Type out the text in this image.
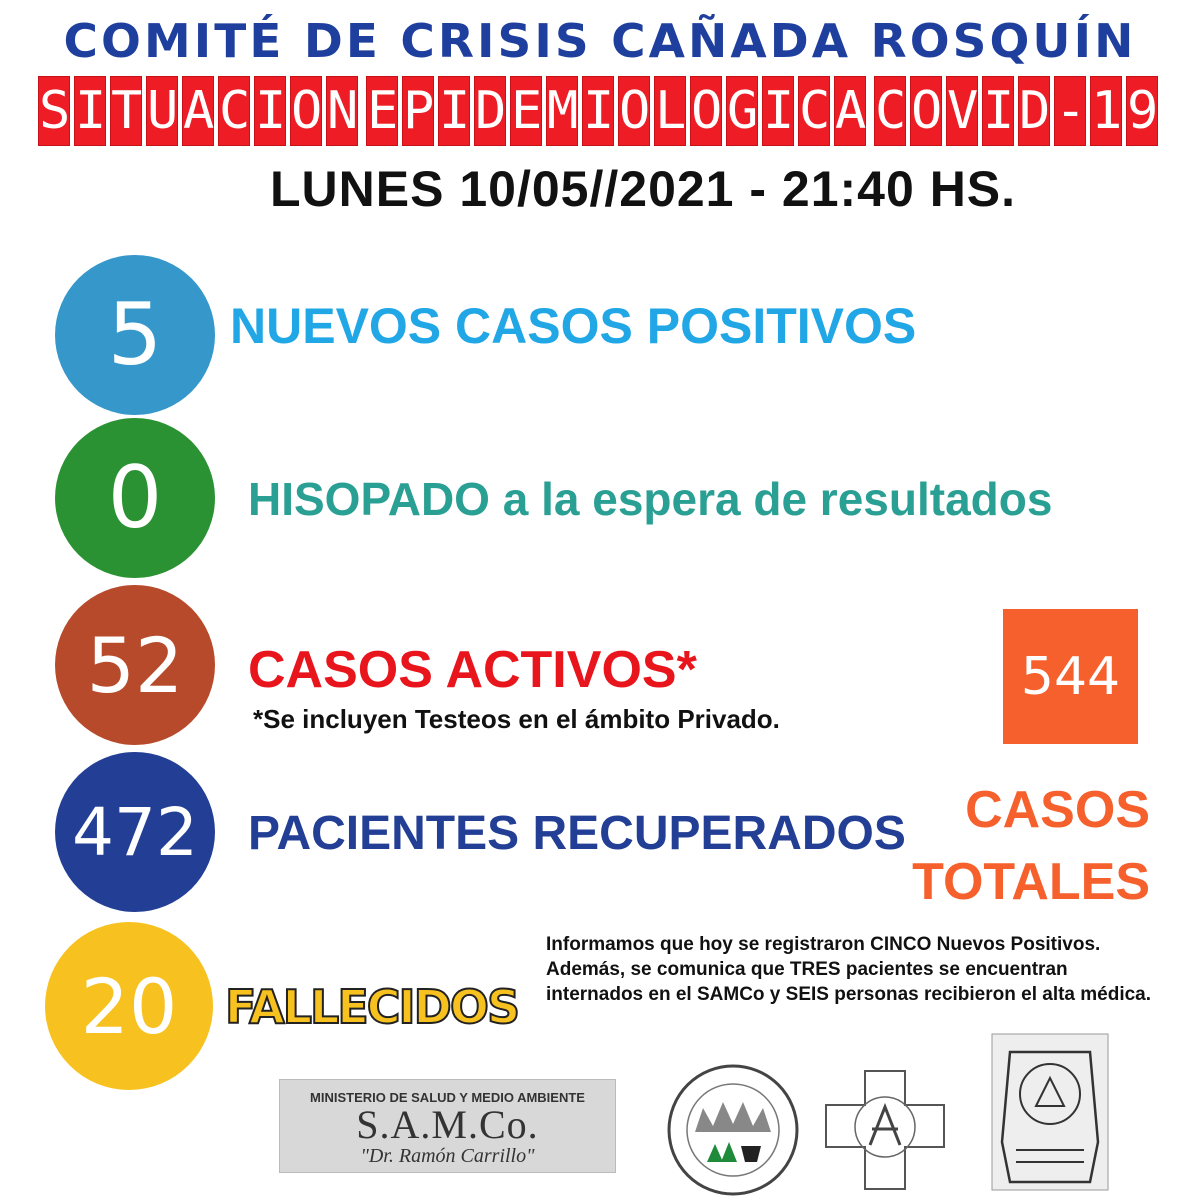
COMITÉ DE CRISIS CAÑADA ROSQUÍN
S I T U A C I O N E P I D E M I O L O G I C A C O V I D - 1 9
LUNES 10/05//2021 - 21:40 HS.
5	NUEVOS CASOS POSITIVOS
0	HISOPADO a la espera de resultados
52	CASOS ACTIVOS*
*Se incluyen Testeos en el ámbito Privado.
472	PACIENTES RECUPERADOS
20	FALLECIDOS
544
CASOS
TOTALES
Informamos que hoy se registraron CINCO Nuevos Positivos. Además, se comunica que TRES pacientes se encuentran internados en el SAMCo y SEIS personas recibieron el alta médica.
MINISTERIO DE SALUD Y MEDIO AMBIENTE
S.A.M.Co.
"Dr. Ramón Carrillo"
